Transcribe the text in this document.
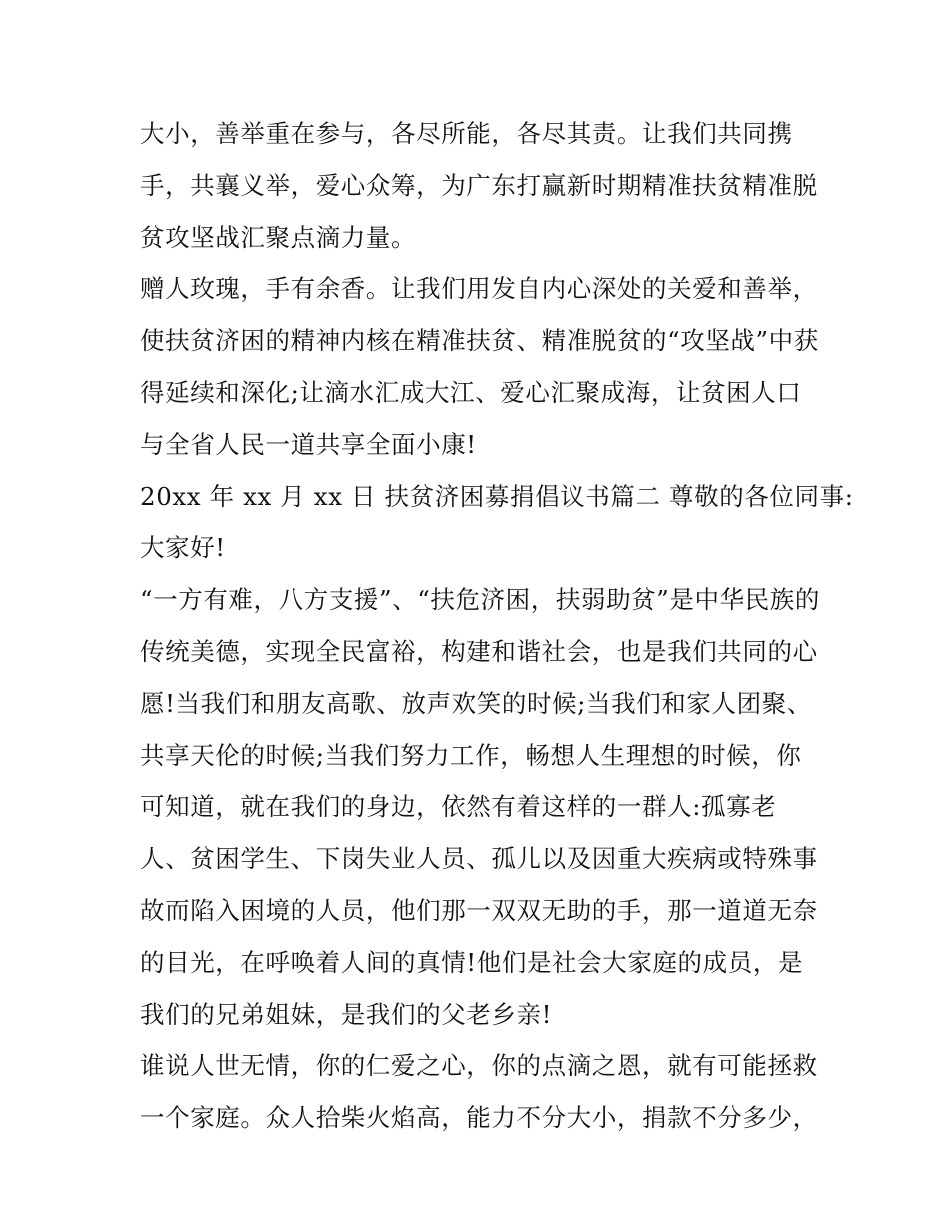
大小，善举重在参与，各尽所能，各尽其责。让我们共同携
手，共襄义举，爱心众筹，为广东打赢新时期精准扶贫精准脱
贫攻坚战汇聚点滴力量。
赠人玫瑰，手有余香。让我们用发自内心深处的关爱和善举，
使扶贫济困的精神内核在精准扶贫、精准脱贫的“攻坚战”中获
得延续和深化;让滴水汇成大江、爱心汇聚成海，让贫困人口
与全省人民一道共享全面小康!
20xx 年 xx 月 xx 日 扶贫济困募捐倡议书篇二 尊敬的各位同事:
大家好!
“一方有难，八方支援”、“扶危济困，扶弱助贫”是中华民族的
传统美德，实现全民富裕，构建和谐社会，也是我们共同的心
愿!当我们和朋友高歌、放声欢笑的时候;当我们和家人团聚、
共享天伦的时候;当我们努力工作，畅想人生理想的时候，你
可知道，就在我们的身边，依然有着这样的一群人:孤寡老
人、贫困学生、下岗失业人员、孤儿以及因重大疾病或特殊事
故而陷入困境的人员，他们那一双双无助的手，那一道道无奈
的目光，在呼唤着人间的真情!他们是社会大家庭的成员，是
我们的兄弟姐妹，是我们的父老乡亲!
谁说人世无情，你的仁爱之心，你的点滴之恩，就有可能拯救
一个家庭。众人拾柴火焰高，能力不分大小，捐款不分多少，
